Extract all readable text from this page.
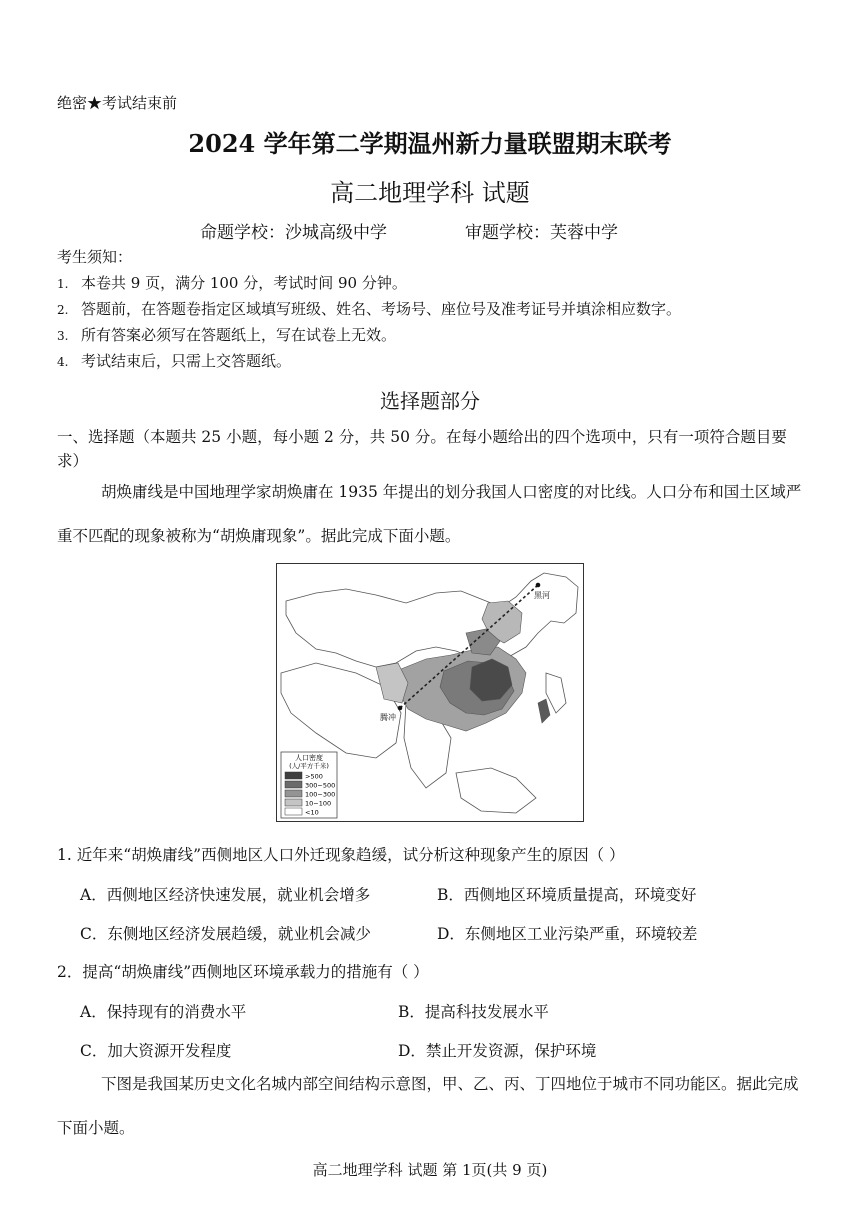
绝密★考试结束前
2024 学年第二学期温州新力量联盟期末联考
高二地理学科 试题
命题学校：沙城高级中学	审题学校：芙蓉中学
考生须知：
1. 本卷共 9 页，满分 100 分，考试时间 90 分钟。
2. 答题前，在答题卷指定区域填写班级、姓名、考场号、座位号及准考证号并填涂相应数字。
3. 所有答案必须写在答题纸上，写在试卷上无效。
4. 考试结束后，只需上交答题纸。
选择题部分
一、选择题（本题共 25 小题，每小题 2 分，共 50 分。在每小题给出的四个选项中，只有一项符合题目要求）
胡焕庸线是中国地理学家胡焕庸在 1935 年提出的划分我国人口密度的对比线。人口分布和国土区域严重不匹配的现象被称为“胡焕庸现象”。据此完成下面小题。
黑河
腾冲
人口密度
(人/平方千米)
>500
300~500
100~300
10~100
<10
1. 近年来“胡焕庸线”西侧地区人口外迁现象趋缓，试分析这种现象产生的原因（ ）
A．西侧地区经济快速发展，就业机会增多	B．西侧地区环境质量提高，环境变好
C．东侧地区经济发展趋缓，就业机会减少	D．东侧地区工业污染严重，环境较差
2．提高“胡焕庸线”西侧地区环境承载力的措施有（ ）
A．保持现有的消费水平	B．提高科技发展水平
C．加大资源开发程度	D．禁止开发资源，保护环境
下图是我国某历史文化名城内部空间结构示意图，甲、乙、丙、丁四地位于城市不同功能区。据此完成下面小题。
高二地理学科 试题 第 1页(共 9 页)
